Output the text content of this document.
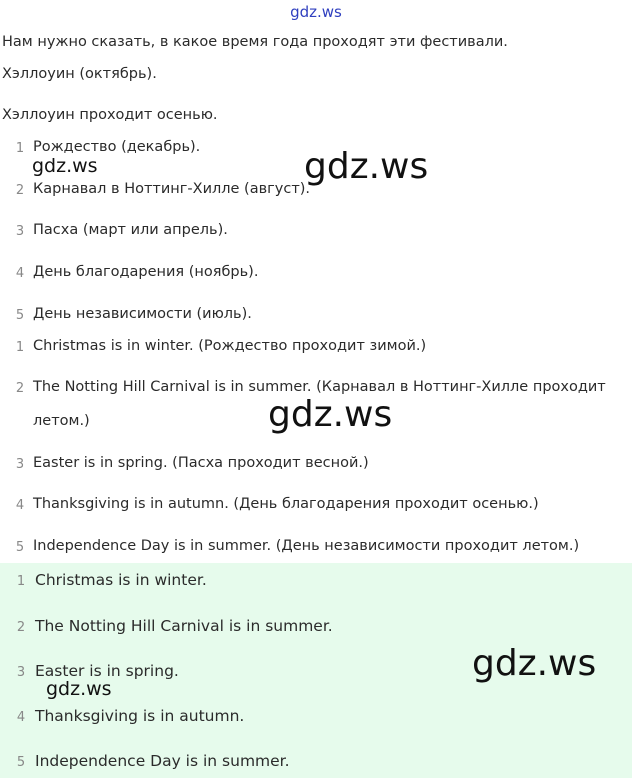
gdz.ws
Нам нужно сказать, в какое время года проходят эти фестивали.
Хэллоуин (октябрь).
Хэллоуин проходит осенью.
1 Рождество (декабрь).
2 Карнавал в Ноттинг-Хилле (август).
3 Пасха (март или апрель).
4 День благодарения (ноябрь).
5 День независимости (июль).
1 Christmas is in winter. (Рождество проходит зимой.)
2 The Notting Hill Carnival is in summer. (Карнавал в Ноттинг-Хилле проходит
летом.)
3 Easter is in spring. (Пасха проходит весной.)
4 Thanksgiving is in autumn. (День благодарения проходит осенью.)
5 Independence Day is in summer. (День независимости проходит летом.)
1 Christmas is in winter.
2 The Notting Hill Carnival is in summer.
3 Easter is in spring.
4 Thanksgiving is in autumn.
5 Independence Day is in summer.
gdz.ws	gdz.ws
gdz.ws
gdz.ws
gdz.ws
